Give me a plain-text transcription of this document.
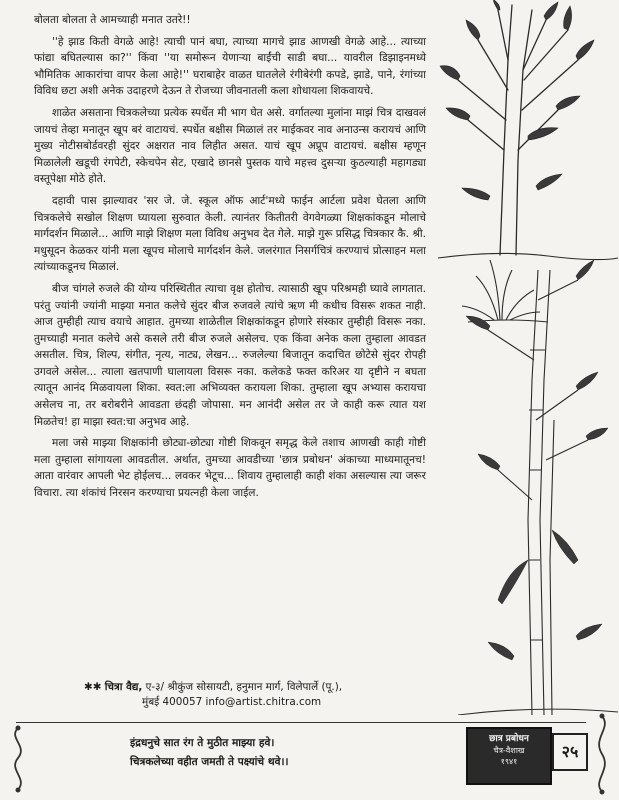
बोलता बोलता ते आमच्याही मनात उतरे!!

''हे झाड किती वेगळे आहे! त्याची पानं बघा, त्याच्या मागचे झाड आणखी वेगळे आहे... त्याच्या फांद्या बघितल्यास का?'' किंवा ''या समोरून येणाऱ्या बाईंची साडी बघा... यावरील डिझाइनमध्ये भौमितिक आकारांचा वापर केला आहे!'' घराबाहेर वाळत घातलेले रंगीबेरंगी कपडे, झाडे, पाने, रंगांच्या विविध छटा अशी अनेक उदाहरणे देऊन ते रोजच्या जीवनातली कला शोधायला शिकवायचे.

शाळेत असताना चित्रकलेच्या प्रत्येक स्पर्धेत मी भाग घेत असे. वर्गातल्या मुलांना माझं चित्र दाखवलं जायचं तेव्हा मनातून खूप बरं वाटायचं. स्पर्धेत बक्षीस मिळालं तर माईकवर नाव अनाउन्स करायचं आणि मुख्य नोटीसबोर्डवरही सुंदर अक्षरात नाव लिहीत असत. याचं खूप अप्रूप वाटायचं. बक्षीस म्हणून मिळालेली खडूची रंगपेटी, स्केचपेन सेट, एखादे छानसे पुस्तक याचे महत्त्व दुसऱ्या कुठल्याही महागड्या वस्तूपेक्षा मोठे होते.

दहावी पास झाल्यावर 'सर जे. जे. स्कूल ऑफ आर्ट'मध्ये फाईन आर्टला प्रवेश घेतला आणि चित्रकलेचे सखोल शिक्षण घ्यायला सुरुवात केली. त्यानंतर कितीतरी वेगवेगळ्या शिक्षकांकडून मोलाचे मार्गदर्शन मिळाले... आणि माझे शिक्षण मला विविध अनुभव देत गेले. माझे गुरू प्रसिद्ध चित्रकार कै. श्री. मधुसूदन केळकर यांनी मला खूपच मोलाचे मार्गदर्शन केले. जलरंगात निसर्गचित्रं करण्याचं प्रोत्साहन मला त्यांच्याकडूनच मिळालं.

बीज चांगले रुजले की योग्य परिस्थितीत त्याचा वृक्ष होतोच. त्यासाठी खूप परिश्रमही घ्यावे लागतात. परंतु ज्यांनी ज्यांनी माझ्या मनात कलेचे सुंदर बीज रुजवले त्यांचे ऋण मी कधीच विसरू शकत नाही. आज तुम्हीही त्याच वयाचे आहात. तुमच्या शाळेतील शिक्षकांकडून होणारे संस्कार तुम्हीही विसरू नका. तुमच्याही मनात कलेचे असे कसले तरी बीज रुजले असेलच. एक किंवा अनेक कला तुम्हाला आवडत असतील. चित्र, शिल्प, संगीत, नृत्य, नाट्य, लेखन... रुजलेल्या बिजातून कदाचित छोटेसे सुंदर रोपही उगवले असेल... त्याला खतपाणी घालायला विसरू नका. कलेकडे फक्त करिअर या दृष्टीने न बघता त्यातून आनंद मिळवायला शिका. स्वत:ला अभिव्यक्त करायला शिका. तुम्हाला खूप अभ्यास करायचा असेलच ना, तर बरोबरीने आवडता छंदही जोपासा. मन आनंदी असेल तर जे काही करू त्यात यश मिळतेच! हा माझा स्वत:चा अनुभव आहे.

मला जसे माझ्या शिक्षकांनी छोट्या-छोट्या गोष्टी शिकवून समृद्ध केले तशाच आणखी काही गोष्टी मला तुम्हाला सांगायला आवडतील. अर्थात, तुमच्या आवडीच्या 'छात्र प्रबोधन' अंकाच्या माध्यमातूनच! आता वारंवार आपली भेट होईलच... लवकर भेटूच... शिवाय तुम्हालाही काही शंका असल्यास त्या जरूर विचारा. त्या शंकांचं निरसन करण्याचा प्रयत्नही केला जाईल.

✱✱ चित्रा वैद्य, ए-३/ श्रीकुंज सोसायटी, हनुमान मार्ग, विलेपार्ले (पू.),
मुंबई 400057 info@artist.chitra.com
इंद्रधनुचे सात रंग ते मुठीत माझ्या हवे।
चित्रकलेच्या वहीत जमती ते पक्ष्यांचे थवे।।
छात्र प्रबोधन
चैत्र-वैशाख
१९४१
२५
